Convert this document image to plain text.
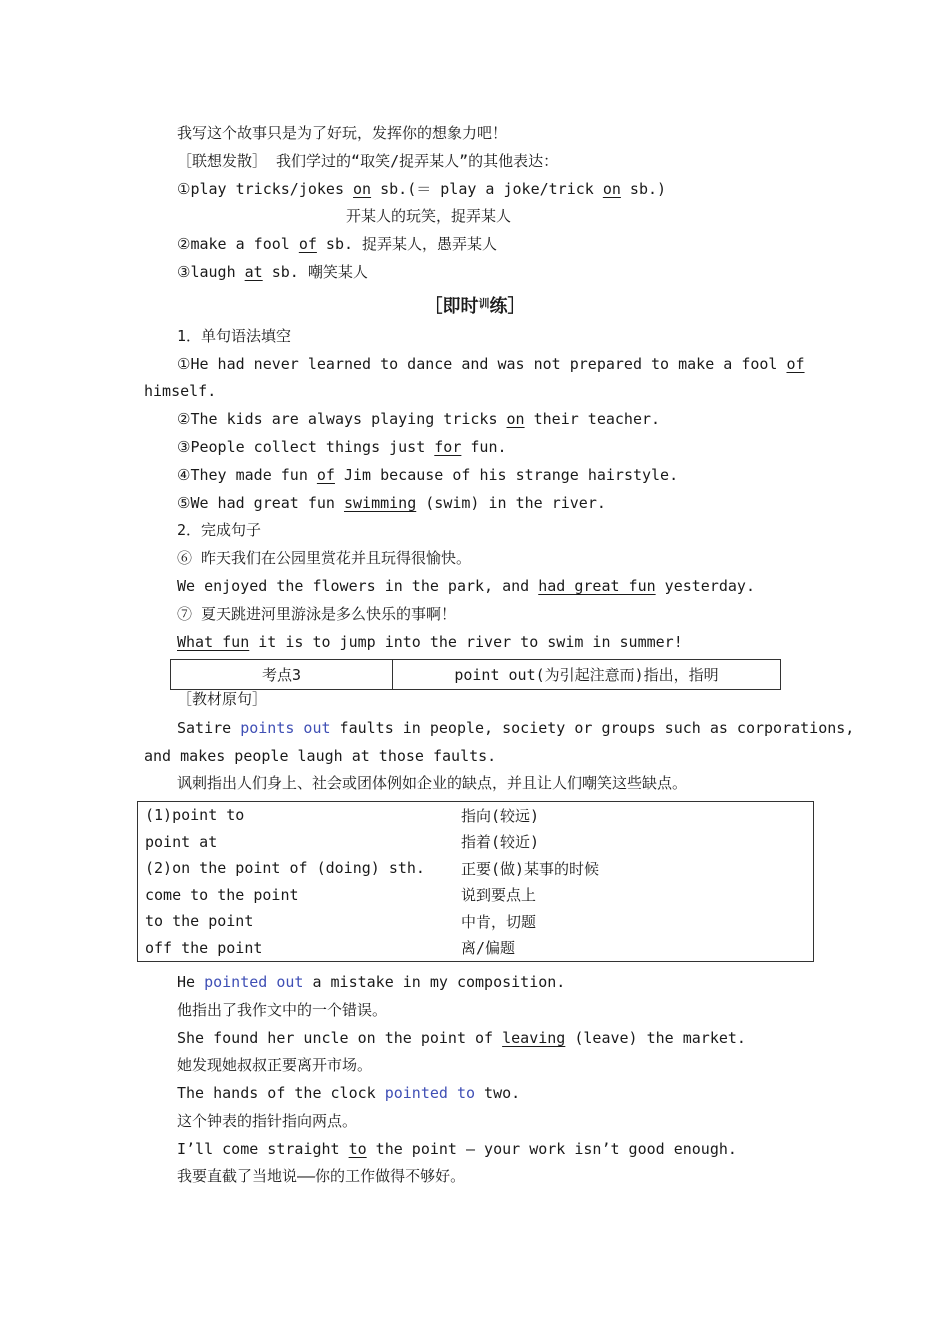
我写这个故事只是为了好玩，发挥你的想象力吧！
［联想发散］ 我们学过的“取笑/捉弄某人”的其他表达：
①play tricks/jokes on sb.(＝ play a joke/trick on sb.)
开某人的玩笑，捉弄某人
②make a fool of sb. 捉弄某人，愚弄某人
③laugh at sb. 嘲笑某人
［即时$^训$练］
1．单句语法填空
①He had never learned to dance and was not prepared to make a fool of
himself.
②The kids are always playing tricks on their teacher.
③People collect things just for fun.
④They made fun of Jim because of his strange hairstyle.
⑤We had great fun swimming (swim) in the river.
2．完成句子
⑥ 昨天我们在公园里赏花并且玩得很愉快。
We enjoyed the flowers in the park, and had great fun yesterday.
⑦ 夏天跳进河里游泳是多么快乐的事啊！
What fun it is to jump into the river to swim in summer!
考点3	point out(为引起注意而)指出，指明
［教材原句］
Satire points out faults in people, society or groups such as corporations,
and makes people laugh at those faults.
讽刺指出人们身上、社会或团体例如企业的缺点，并且让人们嘲笑这些缺点。
(1)point to	指向(较远)
point at	指着(较近)
(2)on the point of (doing) sth.	正要(做)某事的时候
come to the point	说到要点上
to the point	中肯，切题
off the point	离/偏题
He pointed out a mistake in my composition.
他指出了我作文中的一个错误。
She found her uncle on the point of leaving (leave) the market.
她发现她叔叔正要离开市场。
The hands of the clock pointed to two.
这个钟表的指针指向两点。
I’ll come straight to the point — your work isn’t good enough.
我要直截了当地说——你的工作做得不够好。
